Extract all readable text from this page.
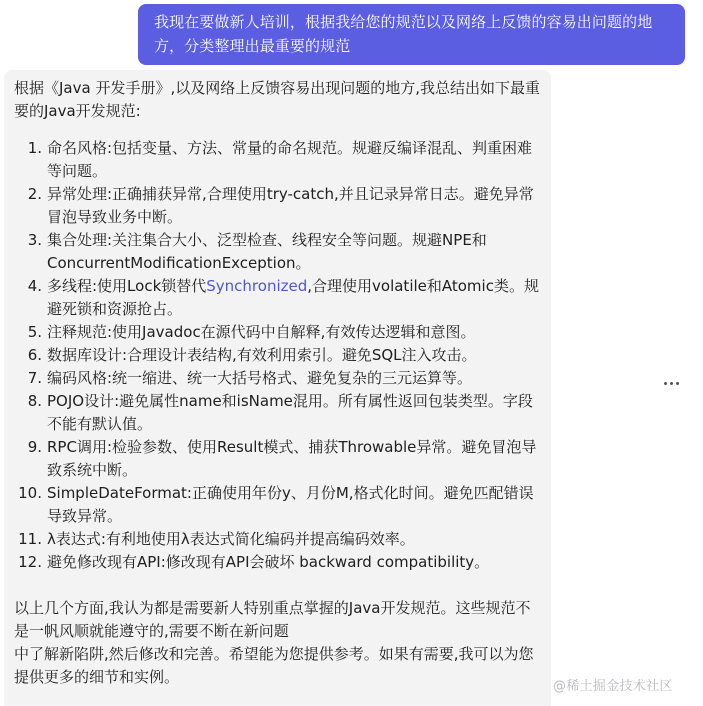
我现在要做新人培训，根据我给您的规范以及网络上反馈的容易出问题的地方，分类整理出最重要的规范

根据《Java 开发手册》,以及网络上反馈容易出现问题的地方,我总结出如下最重要的Java开发规范:

1. 命名风格:包括变量、方法、常量的命名规范。规避反编译混乱、判重困难等问题。
2. 异常处理:正确捕获异常,合理使用try-catch,并且记录异常日志。避免异常冒泡导致业务中断。
3. 集合处理:关注集合大小、泛型检查、线程安全等问题。规避NPE和ConcurrentModificationException。
4. 多线程:使用Lock锁替代Synchronized,合理使用volatile和Atomic类。规避死锁和资源抢占。
5. 注释规范:使用Javadoc在源代码中自解释,有效传达逻辑和意图。
6. 数据库设计:合理设计表结构,有效利用索引。避免SQL注入攻击。
7. 编码风格:统一缩进、统一大括号格式、避免复杂的三元运算等。
8. POJO设计:避免属性name和isName混用。所有属性返回包装类型。字段不能有默认值。
9. RPC调用:检验参数、使用Result模式、捕获Throwable异常。避免冒泡导致系统中断。
10. SimpleDateFormat:正确使用年份y、月份M,格式化时间。避免匹配错误导致异常。
11. λ表达式:有利地使用λ表达式简化编码并提高编码效率。
12. 避免修改现有API:修改现有API会破坏 backward compatibility。

以上几个方面,我认为都是需要新人特别重点掌握的Java开发规范。这些规范不是一帆风顺就能遵守的,需要不断在新问题
中了解新陷阱,然后修改和完善。希望能为您提供参考。如果有需要,我可以为您提供更多的细节和实例。

@稀土掘金技术社区
